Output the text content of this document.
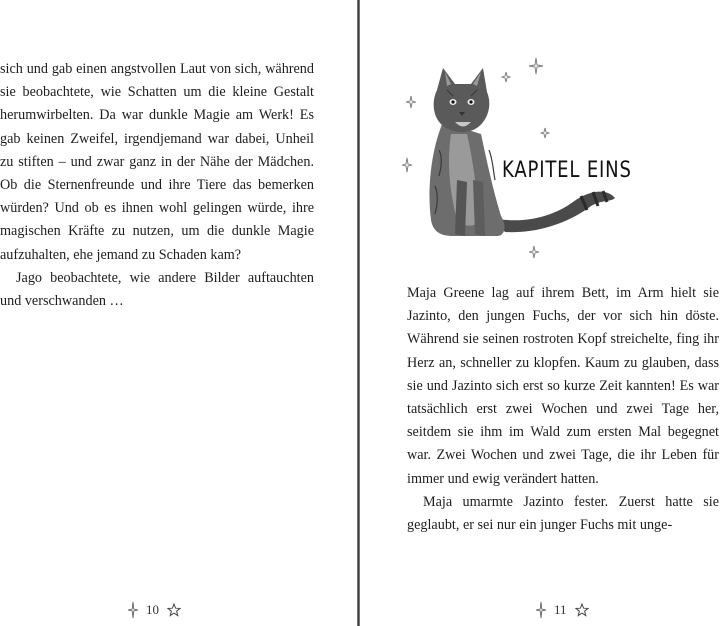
sich und gab einen angstvollen Laut von sich, während sie beobachtete, wie Schatten um die kleine Gestalt herumwirbelten. Da war dunkle Magie am Werk! Es gab keinen Zweifel, irgendjemand war dabei, Unheil zu stiften – und zwar ganz in der Nähe der Mädchen. Ob die Sternenfreunde und ihre Tiere das bemerken würden? Und ob es ihnen wohl gelingen würde, ihre magischen Kräfte zu nutzen, um die dunkle Magie aufzuhalten, ehe jemand zu Schaden kam?

Jago beobachtete, wie andere Bilder auftauchten und verschwanden …

10
KAPITEL EINS

Maja Greene lag auf ihrem Bett, im Arm hielt sie Jazinto, den jungen Fuchs, der vor sich hin döste. Während sie seinen rostroten Kopf streichelte, fing ihr Herz an, schneller zu klopfen. Kaum zu glauben, dass sie und Jazinto sich erst so kurze Zeit kannten! Es war tatsächlich erst zwei Wochen und zwei Tage her, seitdem sie ihm im Wald zum ersten Mal begegnet war. Zwei Wochen und zwei Tage, die ihr Leben für immer und ewig verändert hatten.

Maja umarmte Jazinto fester. Zuerst hatte sie geglaubt, er sei nur ein junger Fuchs mit unge-

11
